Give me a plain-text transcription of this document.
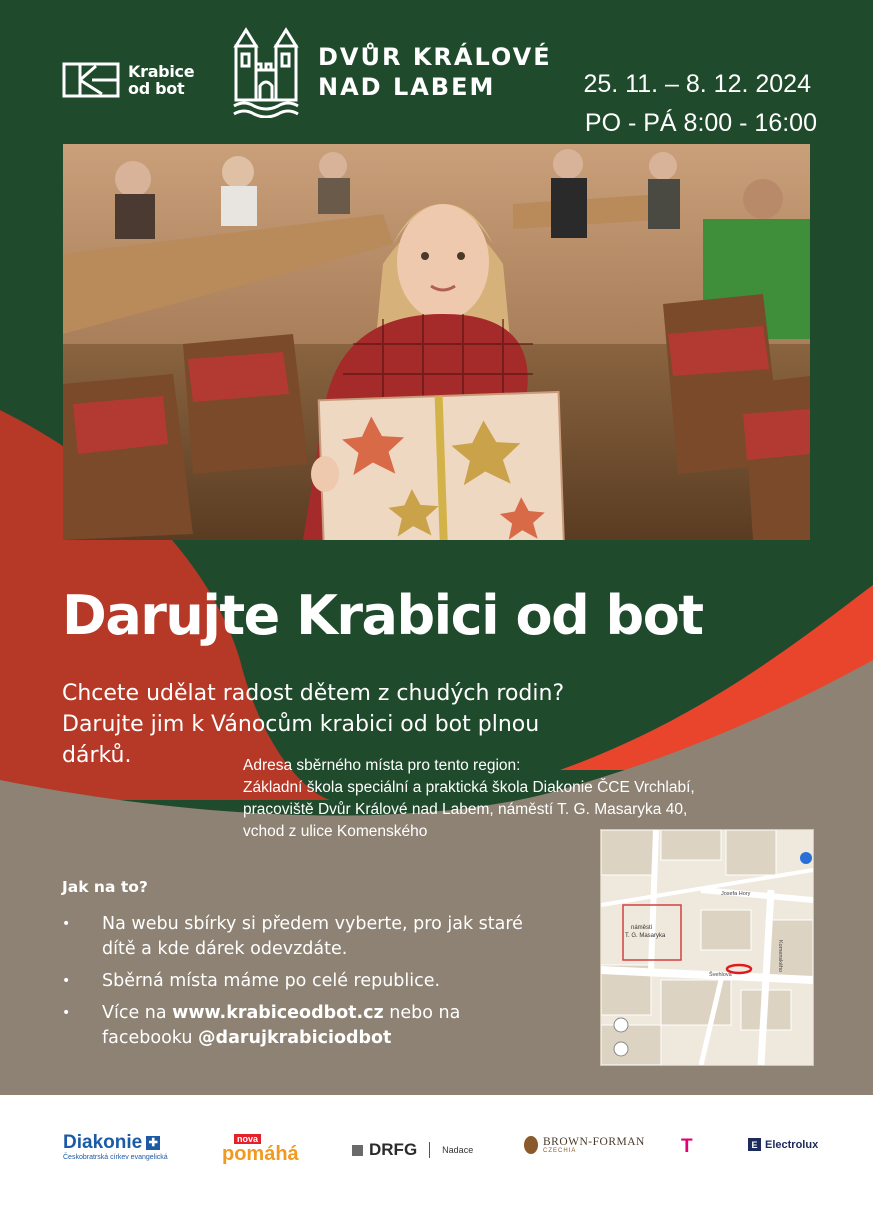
Krabice
od bot
DVŮR KRÁLOVÉ
NAD LABEM	25. 11. – 8. 12. 2024
PO - PÁ 8:00 - 16:00
Darujte Krabici od bot
Chcete udělat radost dětem z chudých rodin?
Darujte jim k Vánocům krabici od bot plnou
dárků.	Adresa sběrného místa pro tento region:
Základní škola speciální a praktická škola Diakonie ČCE Vrchlabí,
pracoviště Dvůr Králové nad Labem, náměstí T. G. Masaryka 40,
vchod z ulice Komenského
Jak na to?
• Na webu sbírky si předem vyberte, pro jak staré dítě a kde dárek odevzdáte.
• Sběrná místa máme po celé republice.
• Více na www.krabiceodbot.cz nebo na facebooku @darujkrabiciodbot
náměstí
T. G. Masaryka
Josefa Hory
Švehlova
Komenského
Diakonie ✚
Českobratrská církev evangelická
nova
pomáhá	DRFG	Nadace
BROWN-FORMAN
CZECHIA	T	E Electrolux
